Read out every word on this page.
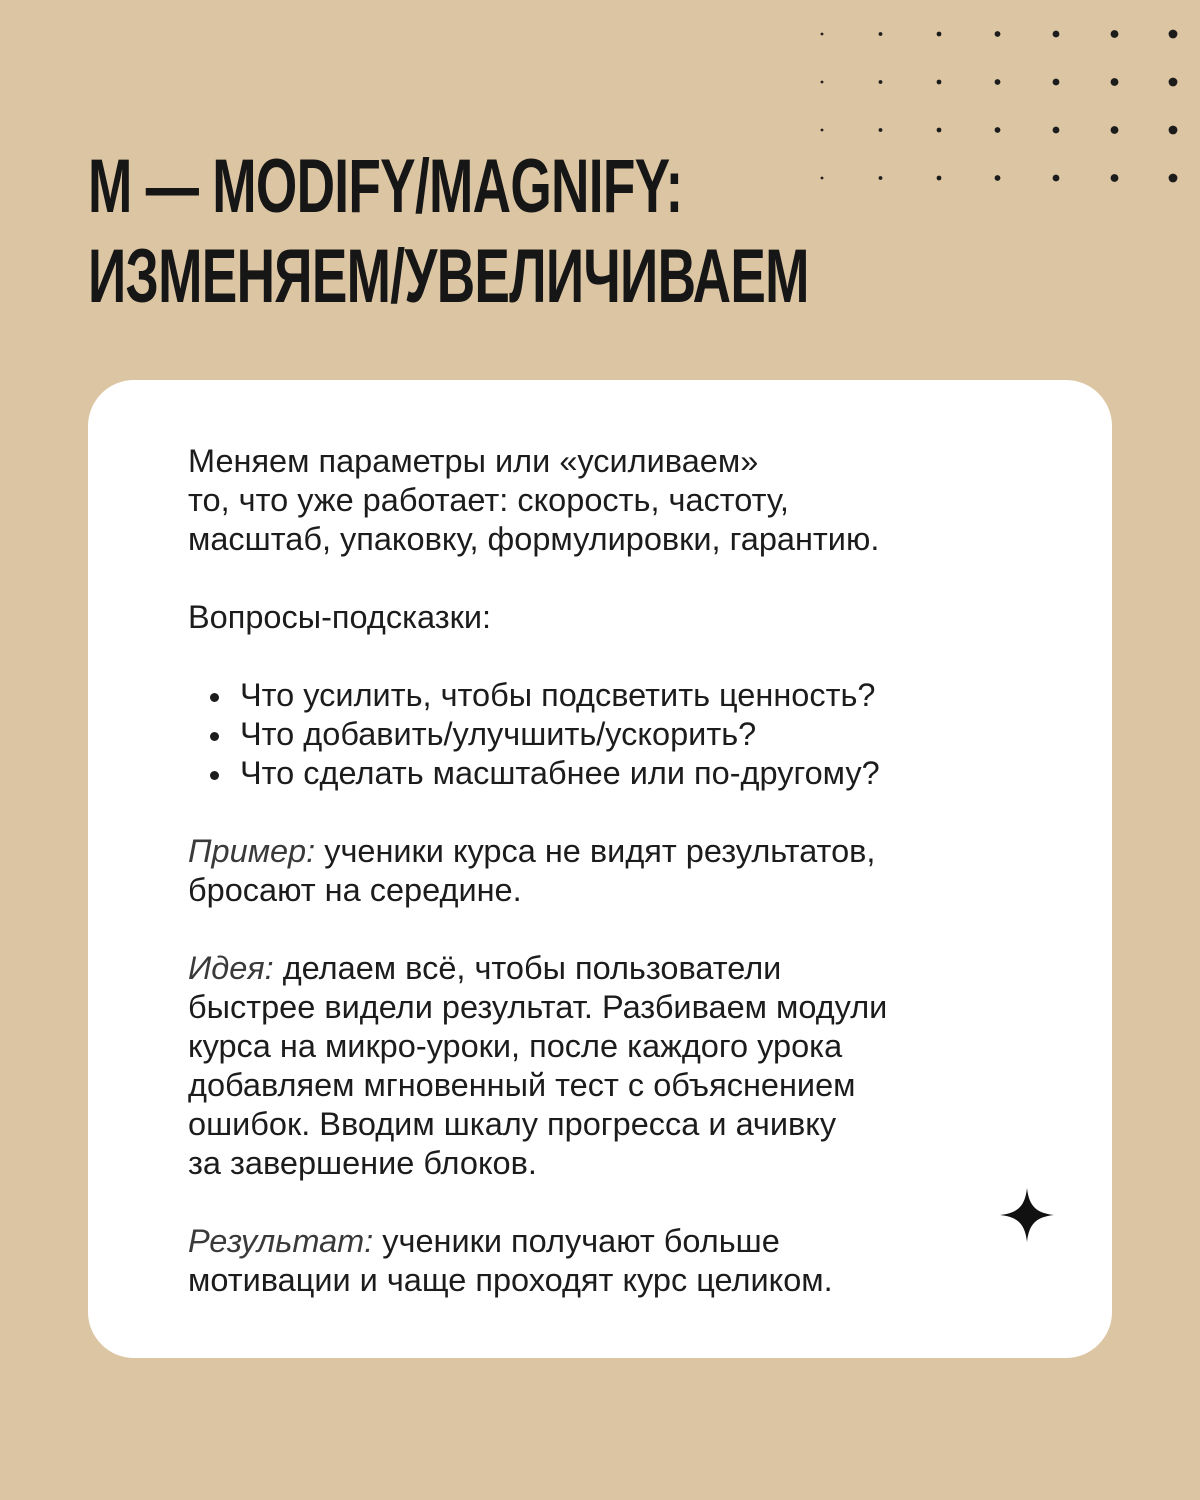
M — MODIFY/MAGNIFY:
ИЗМЕНЯЕМ/УВЕЛИЧИВАЕМ

Меняем параметры или «усиливаем»
то, что уже работает: скорость, частоту,
масштаб, упаковку, формулировки, гарантию.

Вопросы-подсказки:

Что усилить, чтобы подсветить ценность?
Что добавить/улучшить/ускорить?
Что сделать масштабнее или по-другому?

Пример: ученики курса не видят результатов,
бросают на середине.

Идея: делаем всё, чтобы пользователи
быстрее видели результат. Разбиваем модули
курса на микро-уроки, после каждого урока
добавляем мгновенный тест с объяснением
ошибок. Вводим шкалу прогресса и ачивку
за завершение блоков.

Результат: ученики получают больше
мотивации и чаще проходят курс целиком.
